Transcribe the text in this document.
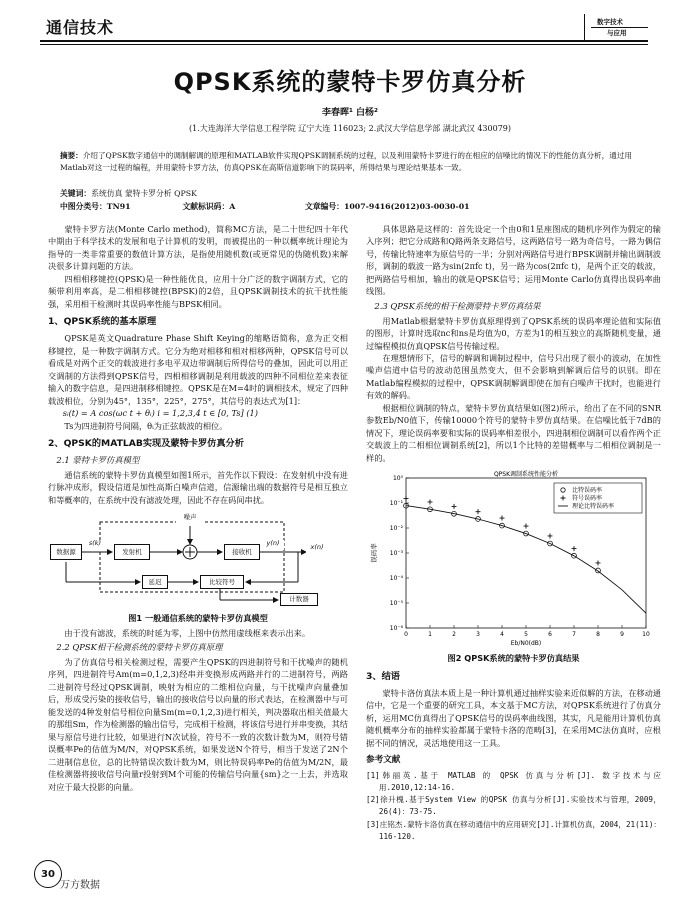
通信技术	数字技术
与应用
QPSK系统的蒙特卡罗仿真分析
李春晖¹ 白杨²
(1.大连海洋大学信息工程学院 辽宁大连 116023; 2.武汉大学信息学部 湖北武汉 430079)
摘要：介绍了QPSK数字通信中的调制解调的原理和MATLAB软件实现QPSK调制系统的过程，以及利用蒙特卡罗进行的在相应的信噪比的情况下的性能仿真分析，通过用Matlab对这一过程的编程，并用蒙特卡罗方法，仿真QPSK在高斯信道影响下的误码率，所得结果与理论结果基本一致。
关键词：系统仿真 蒙特卡罗分析 QPSK
中图分类号：TN91	文献标识码：A	文章编号：1007-9416(2012)03-0030-01

蒙特卡罗方法(Monte Carlo method)，简称MC方法，是二十世纪四十年代中期由于科学技术的发展和电子计算机的发明，而被提出的一种以概率统计理论为指导的一类非常重要的数值计算方法，是指使用随机数(或更常见的伪随机数)来解决很多计算问题的方法。

四相相移键控(QPSK)是一种性能优良，应用十分广泛的数字调制方式，它的频带利用率高，是二相相移键控(BPSK)的2倍，且QPSK调制技术的抗干扰性能强，采用相干检测时其误码率性能与BPSK相同。

1、QPSK系统的基本原理

QPSK是英文Quadrature Phase Shift Keying的缩略语简称，意为正交相移键控，是一种数字调制方式。它分为绝对相移和相对相移两种，QPSK信号可以看成是对两个正交的载波进行多电平双边带调制后所得信号的叠加，因此可以用正交调制的方法得到QPSK信号，四相相移调制是利用载波的四种不同相位差来表征输入的数字信息，是四进制移相键控。QPSK是在M=4时的调相技术，规定了四种载波相位，分别为45°，135°，225°，275°，其信号的表达式为[1]：

sᵢ(t) = A cos(ωc t + θᵢ) i = 1,2,3,4 t ∈ [0, Ts] (1)

Ts为四进制符号间隔，θᵢ为正弦载波的相位。

2、QPSK的MATLAB实现及蒙特卡罗仿真分析
2.1 蒙特卡罗仿真模型

通信系统的蒙特卡罗仿真模型如图1所示，首先作以下假设：在发射机中没有进行脉冲成形，假设信道是加性高斯白噪声信道，信源输出端的数据符号是相互独立和等概率的，在系统中没有滤波处理，因此不存在码间串扰。

噪声
数据源	发射机	接收机
延迟	比较符号
计数器
y(n)	x(n)
s(k)
图1 一般通信系统的蒙特卡罗仿真模型

由于没有滤波，系统的时延为零，上图中仿然用虚线框来表示出来。

2.2 QPSK相干检测系统的蒙特卡罗仿真原理

为了仿真信号相关检测过程，需要产生QPSK的四进制符号和干扰噪声的随机序列，四进制符号Am(m=0,1,2,3)经串并变换形成两路并行的二进制符号，两路二进制符号经过QPSK调制，映射为相应的二维相位向量，与干扰噪声向量叠加后，形成受污染的接收信号，输出的接收信号以向量的形式表达，在检测器中与可能发送的4种发射信号相位向量Sm(m=0,1,2,3)进行相关，判决器取出相关值最大的那组Sm，作为检测器的输出信号，完成相干检测，将该信号进行并串变换，其结果与原信号进行比较，如果进行N次试验，符号不一致的次数计数为M，则符号错误概率Pe的估值为M/N，对QPSK系统，如果发送N个符号，相当于发送了2N个二进制信息位，总的比特错误次数计数为M，则比特误码率Pe的估值为M/2N，最佳检测器将接收信号向量r投射到M个可能的传输信号向量{sm}之一上去，并选取对应于最大投影的向量。

具体思路是这样的：首先设定一个由0和1星座图成的随机序列作为假定的输入序列；把它分成路和Q路两条支路信号，这两路信号一路为奇信号，一路为偶信号，传输比特速率为原信号的一半；分别对两路信号进行BPSK调制并输出调制波形，调制的载波一路为sin(2πfc t)，另一路为cos(2πfc t)，是两个正交的载波，把两路信号相加，输出的就是QPSK信号；运用Monte Carlo仿真得出误码率曲线图。

2.3 QPSK系统的相干检测蒙特卡罗仿真结果

用Matlab根据蒙特卡罗仿真原理得到了QPSK系统的误码率理论值和实际值的图形，计算时选取nc和ns是均值为0，方差为1的相互独立的高斯随机变量，通过编程模拟仿真QPSK信号传输过程。

在理想情形下，信号的解调和调制过程中，信号只出现了很小的波动，在加性噪声信道中信号的波动范围虽然变大，但不会影响到解调后信号的识别。即在Matlab编程模拟的过程中，QPSK调制解调即使在加有白噪声干扰时，也能进行有效的解码。

根据相位调制的特点，蒙特卡罗仿真结果如(图2)所示，给出了在不同的SNR参数Eb/N0值下，传输10000个符号的蒙特卡罗仿真结果。在信噪比低于7dB的情况下，理论误码率要和实际的误码率相差很小，四进制相位调制可以看作两个正交载波上的二相相位调制系统[2]，所以1个比特的差错概率与二相相位调制是一样的。

QPSK调制系统性能分析
0	1	2	3	4	5	6	7	8	9	10
10⁰
10⁻¹
10⁻²
10⁻³
10⁻⁴
10⁻⁵
10⁻⁶
Eb/N0(dB)
误码率
比特误码率
符号误码率
理论比特误码率
图2 QPSK系统的蒙特卡罗仿真结果
3、结语

蒙特卡洛仿真法本质上是一种计算机通过抽样实验来近似解的方法，在移动通信中，它是一个重要的研究工具，本文基于MC方法，对QPSK系统进行了仿真分析，运用MC仿真得出了QPSK信号的误码率曲线图，其实，凡是能用计算机仿真随机概率分布的抽样实验都属于蒙特卡洛的范畴[3]，在采用MC法仿真时，应根据不同的情况，灵活地使用这一工具。

参考文献
[1]韩丽英.基于 MATLAB 的 QPSK 仿真与分析[J]. 数字技术与应用.2010,12:14-16.
[2]徐升槐.基于System View 的QPSK 仿真与分析[J].实验技术与管理，2009，26(4)：73-75.
[3]庄铭杰.蒙特卡洛仿真在移动通信中的应用研究[J].计算机仿真，2004，21(11)：116-120.
30
万方数据
